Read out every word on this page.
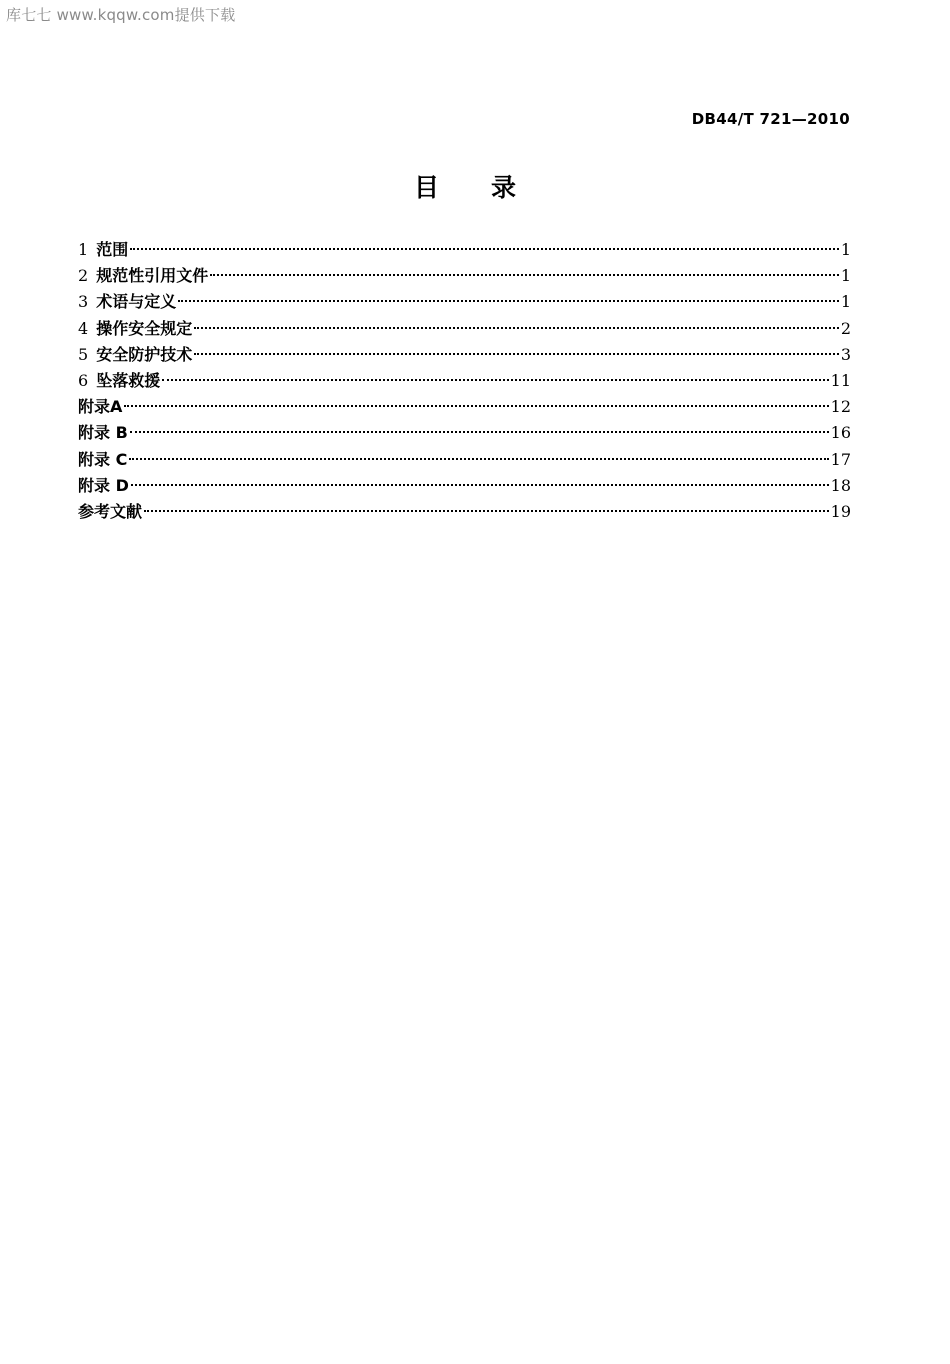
库七七 www.kqqw.com提供下载
DB44/T 721—2010
目 录
1 范围	1
2 规范性引用文件	1
3 术语与定义	1
4 操作安全规定	2
5 安全防护技术	3
6 坠落救援	11
附录A	12
附录 B	16
附录 C	17
附录 D	18
参考文献	19
